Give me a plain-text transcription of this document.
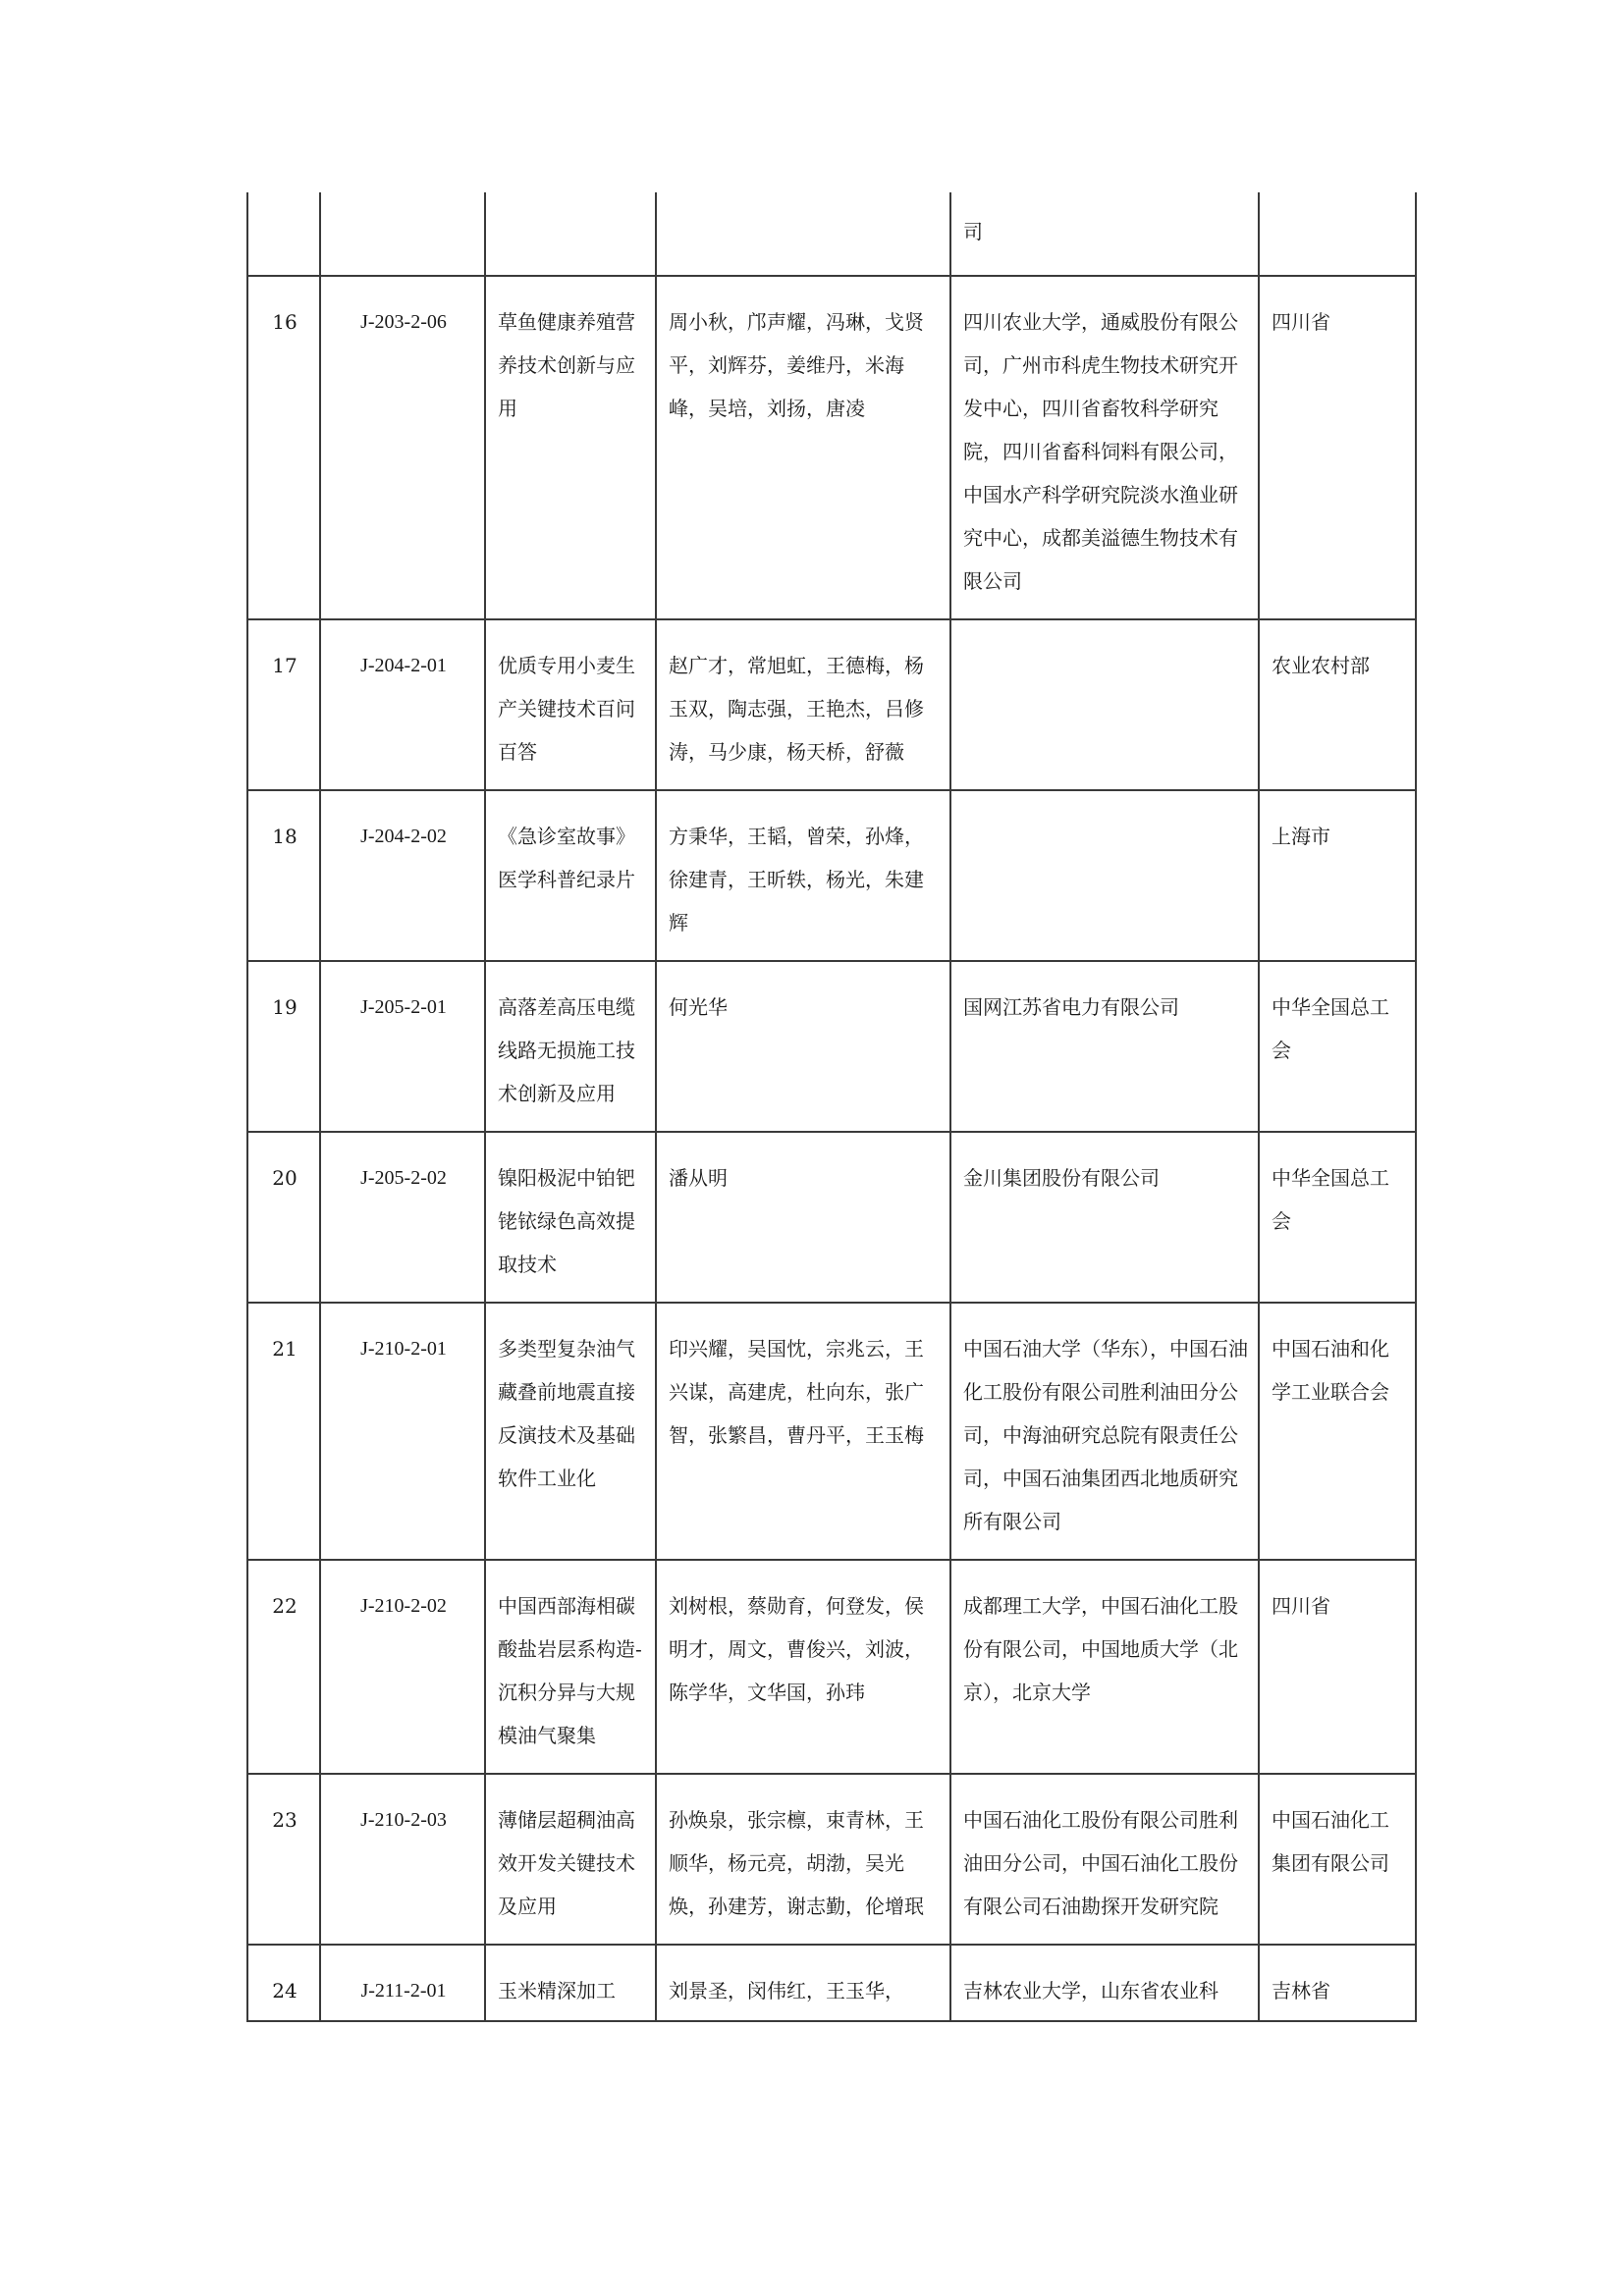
				司	
16	J-203-2-06	草鱼健康养殖营养技术创新与应用	周小秋，邝声耀，冯琳，戈贤平，刘辉芬，姜维丹，米海峰，吴培，刘扬，唐凌	四川农业大学，通威股份有限公司，广州市科虎生物技术研究开发中心，四川省畜牧科学研究院，四川省畜科饲料有限公司，中国水产科学研究院淡水渔业研究中心，成都美溢德生物技术有限公司	四川省
17	J-204-2-01	优质专用小麦生产关键技术百问百答	赵广才，常旭虹，王德梅，杨玉双，陶志强，王艳杰，吕修涛，马少康，杨天桥，舒薇		农业农村部
18	J-204-2-02	《急诊室故事》医学科普纪录片	方秉华，王韬，曾荣，孙烽，徐建青，王昕轶，杨光，朱建辉		上海市
19	J-205-2-01	高落差高压电缆线路无损施工技术创新及应用	何光华	国网江苏省电力有限公司	中华全国总工会
20	J-205-2-02	镍阳极泥中铂钯铑铱绿色高效提取技术	潘从明	金川集团股份有限公司	中华全国总工会
21	J-210-2-01	多类型复杂油气藏叠前地震直接反演技术及基础软件工业化	印兴耀，吴国忱，宗兆云，王兴谋，高建虎，杜向东，张广智，张繁昌，曹丹平，王玉梅	中国石油大学（华东），中国石油化工股份有限公司胜利油田分公司，中海油研究总院有限责任公司，中国石油集团西北地质研究所有限公司	中国石油和化学工业联合会
22	J-210-2-02	中国西部海相碳酸盐岩层系构造-沉积分异与大规模油气聚集	刘树根，蔡勋育，何登发，侯明才，周文，曹俊兴，刘波，陈学华，文华国，孙玮	成都理工大学，中国石油化工股份有限公司，中国地质大学（北京），北京大学	四川省
23	J-210-2-03	薄储层超稠油高效开发关键技术及应用	孙焕泉，张宗檩，束青林，王顺华，杨元亮，胡渤，吴光焕，孙建芳，谢志勤，伦增珉	中国石油化工股份有限公司胜利油田分公司，中国石油化工股份有限公司石油勘探开发研究院	中国石油化工集团有限公司
24	J-211-2-01	玉米精深加工	刘景圣，闵伟红，王玉华，	吉林农业大学，山东省农业科	吉林省
